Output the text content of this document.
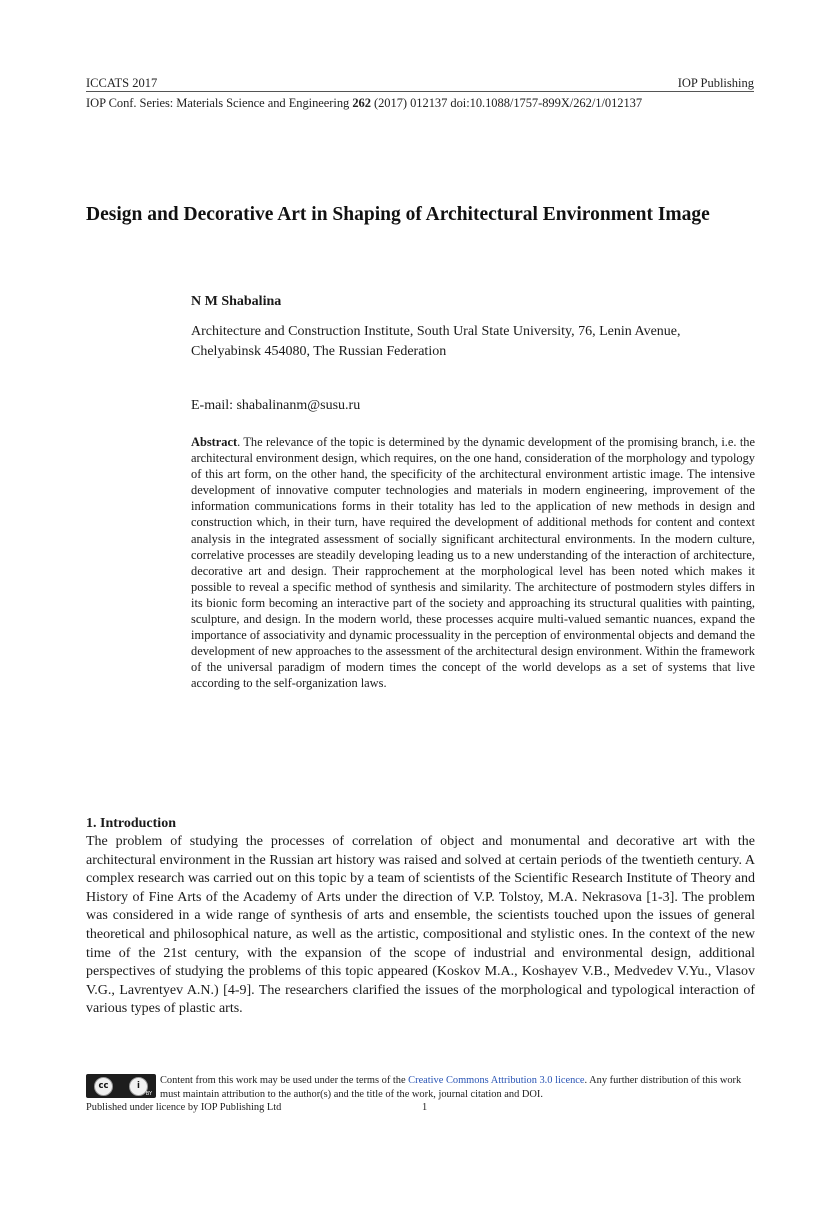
ICCATS 2017	IOP Publishing
IOP Conf. Series: Materials Science and Engineering 262 (2017) 012137 doi:10.1088/1757-899X/262/1/012137
Design and Decorative Art in Shaping of Architectural Environment Image
N M Shabalina
Architecture and Construction Institute, South Ural State University, 76, Lenin Avenue, Chelyabinsk 454080, The Russian Federation
E-mail: shabalinanm@susu.ru
Abstract. The relevance of the topic is determined by the dynamic development of the promising branch, i.e. the architectural environment design, which requires, on the one hand, consideration of the morphology and typology of this art form, on the other hand, the specificity of the architectural environment artistic image. The intensive development of innovative computer technologies and materials in modern engineering, improvement of the information communications forms in their totality has led to the application of new methods in design and construction which, in their turn, have required the development of additional methods for content and context analysis in the integrated assessment of socially significant architectural environments. In the modern culture, correlative processes are steadily developing leading us to a new understanding of the interaction of architecture, decorative art and design. Their rapprochement at the morphological level has been noted which makes it possible to reveal a specific method of synthesis and similarity. The architecture of postmodern styles differs in its bionic form becoming an interactive part of the society and approaching its structural qualities with painting, sculpture, and design. In the modern world, these processes acquire multi-valued semantic nuances, expand the importance of associativity and dynamic processuality in the perception of environmental objects and demand the development of new approaches to the assessment of the architectural design environment. Within the framework of the universal paradigm of modern times the concept of the world develops as a set of systems that live according to the self-organization laws.
1. Introduction
The problem of studying the processes of correlation of object and monumental and decorative art with the architectural environment in the Russian art history was raised and solved at certain periods of the twentieth century. A complex research was carried out on this topic by a team of scientists of the Scientific Research Institute of Theory and History of Fine Arts of the Academy of Arts under the direction of V.P. Tolstoy, M.A. Nekrasova [1-3]. The problem was considered in a wide range of synthesis of arts and ensemble, the scientists touched upon the issues of general theoretical and philosophical nature, as well as the artistic, compositional and stylistic ones. In the context of the new time of the 21st century, with the expansion of the scope of industrial and environmental design, additional perspectives of studying the problems of this topic appeared (Koskov M.A., Koshayev V.B., Medvedev V.Yu., Vlasov V.G., Lavrentyev A.N.) [4-9]. The researchers clarified the issues of the morphological and typological interaction of various types of plastic arts.
cc	i
BY
Content from this work may be used under the terms of the Creative Commons Attribution 3.0 licence. Any further distribution of this work must maintain attribution to the author(s) and the title of the work, journal citation and DOI.
Published under licence by IOP Publishing Ltd	1
